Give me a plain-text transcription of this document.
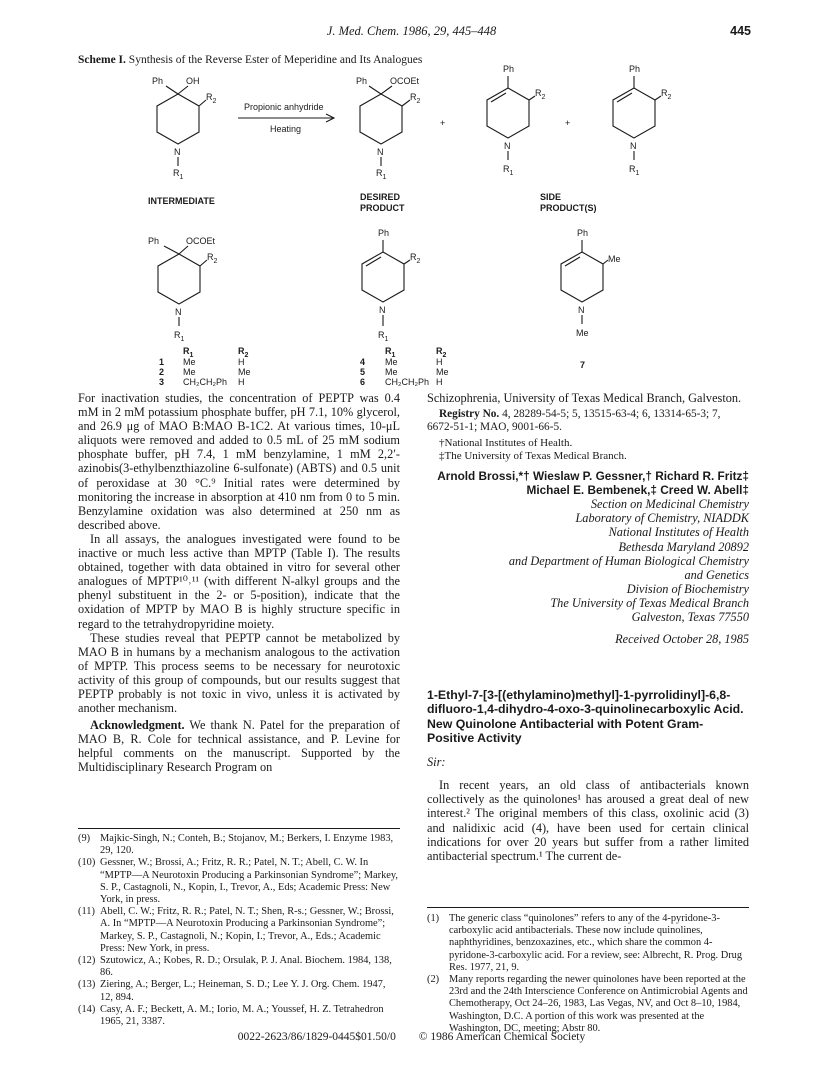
J. Med. Chem. 1986, 29, 445–448	445
Scheme I. Synthesis of the Reverse Ester of Meperidine and Its Analogues
Ph	OH
$R_2$
N
$R_1$
INTERMEDIATE
Propionic anhydride
Heating
Ph	OCOEt
$R_2$
N
$R_1$
DESIRED
PRODUCT
+
Ph
$R_2$
N
$R_1$
+
Ph
$R_2$
N
$R_1$
SIDE
PRODUCT(S)
Ph	OCOEt
$R_2$
N
$R_1$
$R_1$	$R_2$
1 Me	H
2 Me	Me
3 CH₂CH₂Ph H
Ph
$R_2$
N
$R_1$
$R_1$	$R_2$
4 Me	H
5 Me	Me
6 CH₂CH₂Ph H
Ph
Me
N
Me
7

For inactivation studies, the concentration of PEPTP was 0.4 mM in 2 mM potassium phosphate buffer, pH 7.1, 10% glycerol, and 26.9 μg of MAO B:MAO B-1C2. At various times, 10-μL aliquots were removed and added to 0.5 mL of 25 mM sodium phosphate buffer, pH 7.4, 1 mM benzylamine, 1 mM 2,2′-azinobis(3-ethylbenzthiazoline 6-sulfonate) (ABTS) and 0.5 unit of peroxidase at 30 °C.⁹ Initial rates were determined by monitoring the increase in absorption at 410 nm from 0 to 5 min. Benzylamine oxidation was also determined at 250 nm as described above.

In all assays, the analogues investigated were found to be inactive or much less active than MPTP (Table I). The results obtained, together with data obtained in vitro for several other analogues of MPTP¹⁰˒¹¹ (with different N-alkyl groups and the phenyl substituent in the 2- or 5-position), indicate that the oxidation of MPTP by MAO B is highly structure specific in regard to the tetrahydropyridine moiety.

These studies reveal that PEPTP cannot be metabolized by MAO B in humans by a mechanism analogous to the activation of MPTP. This process seems to be necessary for neurotoxic activity of this group of compounds, but our results suggest that PEPTP probably is not toxic in vivo, unless it is activated by another mechanism.

Acknowledgment. We thank N. Patel for the preparation of MAO B, R. Cole for technical assistance, and P. Levine for helpful comments on the manuscript. Supported by the Multidisciplinary Research Program on

(9) Majkic-Singh, N.; Conteh, B.; Stojanov, M.; Berkers, I. Enzyme 1983, 29, 120.
(10) Gessner, W.; Brossi, A.; Fritz, R. R.; Patel, N. T.; Abell, C. W. In “MPTP—A Neurotoxin Producing a Parkinsonian Syndrome”; Markey, S. P., Castagnoli, N., Kopin, I., Trevor, A., Eds; Academic Press: New York, in press.
(11) Abell, C. W.; Fritz, R. R.; Patel, N. T.; Shen, R-s.; Gessner, W.; Brossi, A. In “MPTP—A Neurotoxin Producing a Parkinsonian Syndrome”; Markey, S. P., Castagnoli, N.; Kopin, I.; Trevor, A., Eds.; Academic Press: New York, in press.
(12) Szutowicz, A.; Kobes, R. D.; Orsulak, P. J. Anal. Biochem. 1984, 138, 86.
(13) Ziering, A.; Berger, L.; Heineman, S. D.; Lee Y. J. Org. Chem. 1947, 12, 894.
(14) Casy, A. F.; Beckett, A. M.; Iorio, M. A.; Youssef, H. Z. Tetrahedron 1965, 21, 3387.

Schizophrenia, University of Texas Medical Branch, Galveston.

Registry No. 4, 28289-54-5; 5, 13515-63-4; 6, 13314-65-3; 7, 6672-51-1; MAO, 9001-66-5.

†National Institutes of Health.

‡The University of Texas Medical Branch.

Arnold Brossi,*† Wieslaw P. Gessner,† Richard R. Fritz‡
Michael E. Bembenek,‡ Creed W. Abell‡
Section on Medicinal Chemistry
Laboratory of Chemistry, NIADDK
National Institutes of Health
Bethesda Maryland 20892
and Department of Human Biological Chemistry
and Genetics
Division of Biochemistry
The University of Texas Medical Branch
Galveston, Texas 77550
Received October 28, 1985
1-Ethyl-7-[3-[(ethylamino)methyl]-1-pyrrolidinyl]-6,8-difluoro-1,4-dihydro-4-oxo-3-quinolinecarboxylic Acid. New Quinolone Antibacterial with Potent Gram-Positive Activity

Sir:

In recent years, an old class of antibacterials known collectively as the quinolones¹ has aroused a great deal of new interest.² The original members of this class, oxolinic acid (3) and nalidixic acid (4), have been used for certain clinical indications for over 20 years but suffer from a rather limited antibacterial spectrum.¹ The current de-

(1) The generic class “quinolones” refers to any of the 4-pyridone-3-carboxylic acid antibacterials. These now include quinolines, naphthyridines, benzoxazines, etc., which share the common 4-pyridone-3-carboxylic acid. For a review, see: Albrecht, R. Prog. Drug Res. 1977, 21, 9.
(2) Many reports regarding the newer quinolones have been reported at the 23rd and the 24th Interscience Conference on Antimicrobial Agents and Chemotherapy, Oct 24–26, 1983, Las Vegas, NV, and Oct 8–10, 1984, Washington, D.C. A portion of this work was presented at the Washington, DC, meeting; Abstr 80.
0022-2623/86/1829-0445$01.50/0 © 1986 American Chemical Society
